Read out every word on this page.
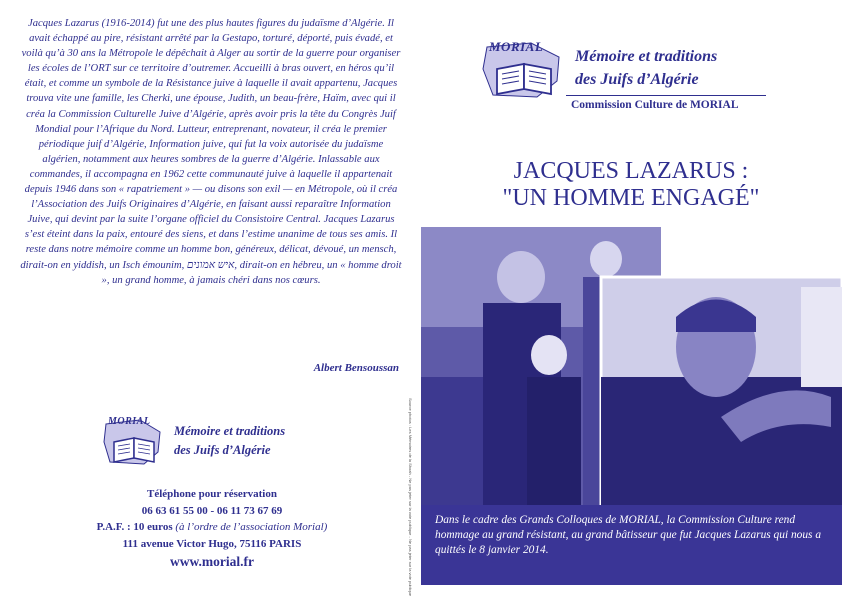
Jacques Lazarus (1916-2014) fut une des plus hautes figures du judaïsme d’Algérie. Il avait échappé au pire, résistant arrêté par la Gestapo, torturé, déporté, puis évadé, et voilà qu’à 30 ans la Métropole le dépêchait à Alger au sortir de la guerre pour organiser les écoles de l’ORT sur ce territoire d’outremer. Accueilli à bras ouvert, en héros qu’il était, et comme un symbole de la Résistance juive à laquelle il avait appartenu, Jacques trouva vite une famille, les Cherki, une épouse, Judith, un beau-frère, Haïm, avec qui il créa la Commission Culturelle Juive d’Algérie, après avoir pris la tête du Congrès Juif Mondial pour l’Afrique du Nord. Lutteur, entreprenant, novateur, il créa le premier périodique juif d’Algérie, Information juive, qui fut la voix autorisée du judaïsme algérien, notamment aux heures sombres de la guerre d’Algérie. Inlassable aux commandes, il accompagna en 1962 cette communauté juive à laquelle il appartenait depuis 1946 dans son « rapatriement » — ou disons son exil — en Métropole, où il créa l’Association des Juifs Originaires d’Algérie, en faisant aussi reparaître Information Juive, qui devint par la suite l’organe officiel du Consistoire Central. Jacques Lazarus s’est éteint dans la paix, entouré des siens, et dans l’estime unanime de tous ses amis. Il reste dans notre mémoire comme un homme bon, généreux, délicat, dévoué, un mensch, dirait-on en yiddish, un Isch émounim, איש אמונים, dirait-on en hébreu, un « homme droit », un grand homme, à jamais chéri dans nos cœurs.

Albert Bensoussan
MORIAL
Mémoire et traditions
des Juifs d’Algérie
Téléphone pour réservation
06 63 61 55 00 - 06 11 73 67 69
P.A.F. : 10 euros (à l’ordre de l’association Morial)
111 avenue Victor Hugo, 75116 PARIS
www.morial.fr	Source photos : Les Mémoires de la Shoah - Ne pas jeter sur la voie publique - Ne pas jeter sur la voie publique
MORIAL
Mémoire et traditions
des Juifs d’Algérie
Commission Culture de MORIAL
JACQUES LAZARUS :
"UN HOMME ENGAGÉ"

Dans le cadre des Grands Colloques de MORIAL, la Commission Culture rend hommage au grand résistant, au grand bâtisseur que fut Jacques Lazarus qui nous a quittés le 8 janvier 2014.
